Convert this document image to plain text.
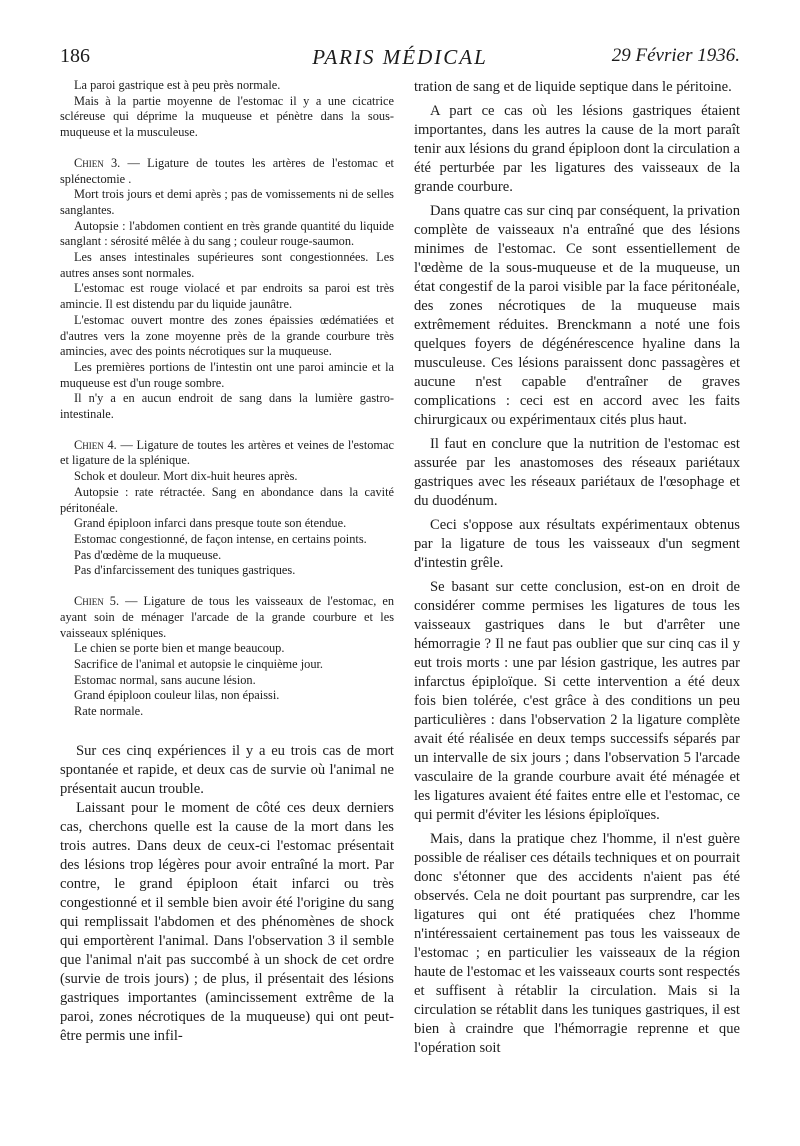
186	PARIS MÉDICAL	29 Février 1936.

La paroi gastrique est à peu près normale.

Mais à la partie moyenne de l'estomac il y a une cicatrice scléreuse qui déprime la muqueuse et pénètre dans la sous-muqueuse et la musculeuse.

Chien 3. — Ligature de toutes les artères de l'estomac et splénectomie .

Mort trois jours et demi après ; pas de vomissements ni de selles sanglantes.

Autopsie : l'abdomen contient en très grande quantité du liquide sanglant : sérosité mêlée à du sang ; couleur rouge-saumon.

Les anses intestinales supérieures sont congestionnées. Les autres anses sont normales.

L'estomac est rouge violacé et par endroits sa paroi est très amincie. Il est distendu par du liquide jaunâtre.

L'estomac ouvert montre des zones épaissies œdématiées et d'autres vers la zone moyenne près de la grande courbure très amincies, avec des points nécrotiques sur la muqueuse.

Les premières portions de l'intestin ont une paroi amincie et la muqueuse est d'un rouge sombre.

Il n'y a en aucun endroit de sang dans la lumière gastro-intestinale.

Chien 4. — Ligature de toutes les artères et veines de l'estomac et ligature de la splénique.

Schok et douleur. Mort dix-huit heures après.

Autopsie : rate rétractée. Sang en abondance dans la cavité péritonéale.

Grand épiploon infarci dans presque toute son étendue.

Estomac congestionné, de façon intense, en certains points.

Pas d'œdème de la muqueuse.

Pas d'infarcissement des tuniques gastriques.

Chien 5. — Ligature de tous les vaisseaux de l'estomac, en ayant soin de ménager l'arcade de la grande courbure et les vaisseaux spléniques.

Le chien se porte bien et mange beaucoup.

Sacrifice de l'animal et autopsie le cinquième jour.

Estomac normal, sans aucune lésion.

Grand épiploon couleur lilas, non épaissi.

Rate normale.

Sur ces cinq expériences il y a eu trois cas de mort spontanée et rapide, et deux cas de survie où l'animal ne présentait aucun trouble.

Laissant pour le moment de côté ces deux derniers cas, cherchons quelle est la cause de la mort dans les trois autres. Dans deux de ceux-ci l'estomac présentait des lésions trop légères pour avoir entraîné la mort. Par contre, le grand épiploon était infarci ou très congestionné et il semble bien avoir été l'origine du sang qui remplissait l'abdomen et des phénomènes de shock qui emportèrent l'animal. Dans l'observation 3 il semble que l'animal n'ait pas succombé à un shock de cet ordre (survie de trois jours) ; de plus, il présentait des lésions gastriques importantes (amincissement extrême de la paroi, zones nécrotiques de la muqueuse) qui ont peut-être permis une infil-

tration de sang et de liquide septique dans le péritoine.

A part ce cas où les lésions gastriques étaient importantes, dans les autres la cause de la mort paraît tenir aux lésions du grand épiploon dont la circulation a été perturbée par les ligatures des vaisseaux de la grande courbure.

Dans quatre cas sur cinq par conséquent, la privation complète de vaisseaux n'a entraîné que des lésions minimes de l'estomac. Ce sont essentiellement de l'œdème de la sous-muqueuse et de la muqueuse, un état congestif de la paroi visible par la face péritonéale, des zones nécrotiques de la muqueuse mais extrêmement réduites. Brenckmann a noté une fois quelques foyers de dégénérescence hyaline dans la musculeuse. Ces lésions paraissent donc passagères et aucune n'est capable d'entraîner de graves complications : ceci est en accord avec les faits chirurgicaux ou expérimentaux cités plus haut.

Il faut en conclure que la nutrition de l'estomac est assurée par les anastomoses des réseaux pariétaux gastriques avec les réseaux pariétaux de l'œsophage et du duodénum.

Ceci s'oppose aux résultats expérimentaux obtenus par la ligature de tous les vaisseaux d'un segment d'intestin grêle.

Se basant sur cette conclusion, est-on en droit de considérer comme permises les ligatures de tous les vaisseaux gastriques dans le but d'arrêter une hémorragie ? Il ne faut pas oublier que sur cinq cas il y eut trois morts : une par lésion gastrique, les autres par infarctus épiploïque. Si cette intervention a été deux fois bien tolérée, c'est grâce à des conditions un peu particulières : dans l'observation 2 la ligature complète avait été réalisée en deux temps successifs séparés par un intervalle de six jours ; dans l'observation 5 l'arcade vasculaire de la grande courbure avait été ménagée et les ligatures avaient été faites entre elle et l'estomac, ce qui permit d'éviter les lésions épiploïques.

Mais, dans la pratique chez l'homme, il n'est guère possible de réaliser ces détails techniques et on pourrait donc s'étonner que des accidents n'aient pas été observés. Cela ne doit pourtant pas surprendre, car les ligatures qui ont été pratiquées chez l'homme n'intéressaient certainement pas tous les vaisseaux de l'estomac ; en particulier les vaisseaux de la région haute de l'estomac et les vaisseaux courts sont respectés et suffisent à rétablir la circulation. Mais si la circulation se rétablit dans les tuniques gastriques, il est bien à craindre que l'hémorragie reprenne et que l'opération soit
